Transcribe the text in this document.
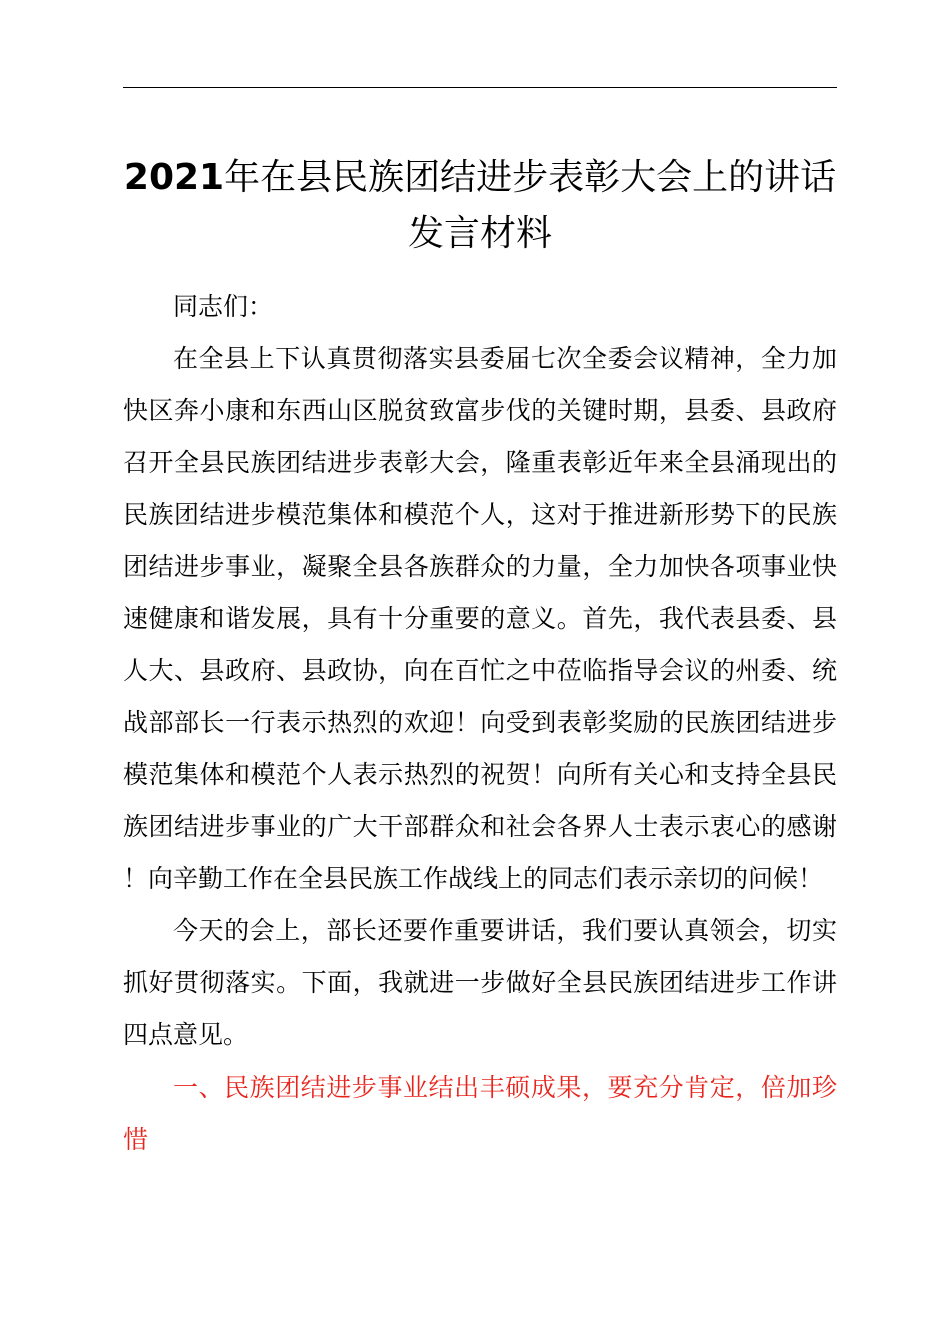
2021年在县民族团结进步表彰大会上的讲话
发言材料

同志们：

在全县上下认真贯彻落实县委届七次全委会议精神，全力加快区奔小康和东西山区脱贫致富步伐的关键时期，县委、县政府召开全县民族团结进步表彰大会，隆重表彰近年来全县涌现出的民族团结进步模范集体和模范个人，这对于推进新形势下的民族团结进步事业，凝聚全县各族群众的力量，全力加快各项事业快速健康和谐发展，具有十分重要的意义。首先，我代表县委、县人大、县政府、县政协，向在百忙之中莅临指导会议的州委、统战部部长一行表示热烈的欢迎！向受到表彰奖励的民族团结进步模范集体和模范个人表示热烈的祝贺！向所有关心和支持全县民族团结进步事业的广大干部群众和社会各界人士表示衷心的感谢！向辛勤工作在全县民族工作战线上的同志们表示亲切的问候！

今天的会上，部长还要作重要讲话，我们要认真领会，切实抓好贯彻落实。下面，我就进一步做好全县民族团结进步工作讲四点意见。

一、民族团结进步事业结出丰硕成果，要充分肯定，倍加珍惜
